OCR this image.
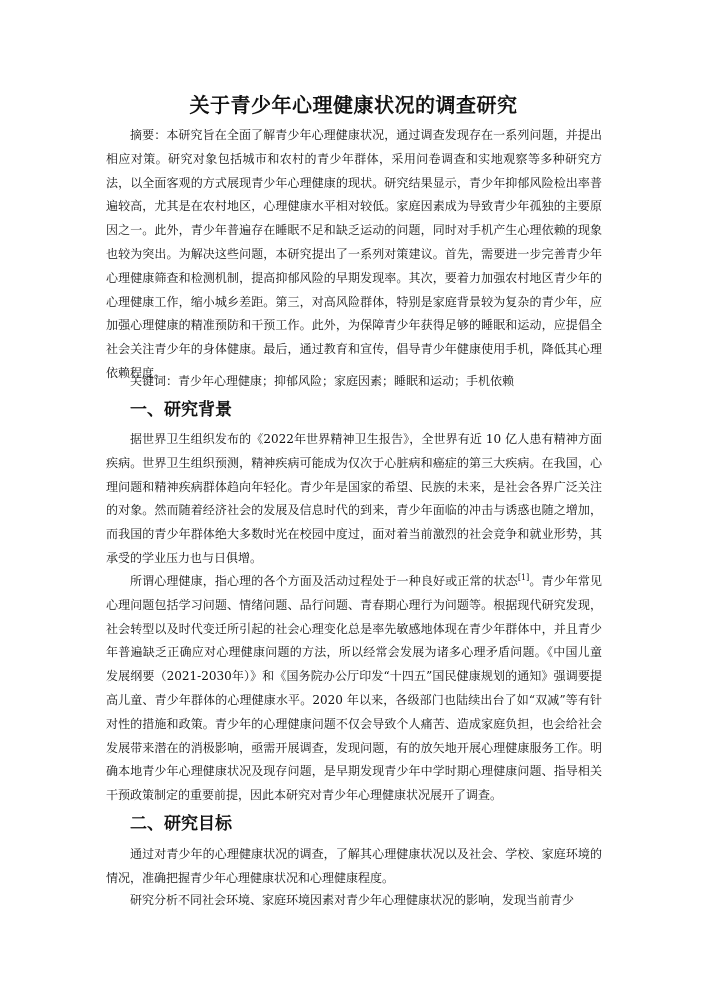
关于青少年心理健康状况的调查研究

摘要：本研究旨在全面了解青少年心理健康状况，通过调查发现存在一系列问题，并提出相应对策。研究对象包括城市和农村的青少年群体，采用问卷调查和实地观察等多种研究方法，以全面客观的方式展现青少年心理健康的现状。研究结果显示，青少年抑郁风险检出率普遍较高，尤其是在农村地区，心理健康水平相对较低。家庭因素成为导致青少年孤独的主要原因之一。此外，青少年普遍存在睡眠不足和缺乏运动的问题，同时对手机产生心理依赖的现象也较为突出。为解决这些问题，本研究提出了一系列对策建议。首先，需要进一步完善青少年心理健康筛查和检测机制，提高抑郁风险的早期发现率。其次，要着力加强农村地区青少年的心理健康工作，缩小城乡差距。第三，对高风险群体，特别是家庭背景较为复杂的青少年，应加强心理健康的精准预防和干预工作。此外，为保障青少年获得足够的睡眠和运动，应提倡全社会关注青少年的身体健康。最后，通过教育和宣传，倡导青少年健康使用手机，降低其心理依赖程度。

关键词：青少年心理健康；抑郁风险；家庭因素；睡眠和运动；手机依赖

一、研究背景

据世界卫生组织发布的《2022年世界精神卫生报告》，全世界有近 10 亿人患有精神方面疾病。世界卫生组织预测，精神疾病可能成为仅次于心脏病和癌症的第三大疾病。在我国，心理问题和精神疾病群体趋向年轻化。青少年是国家的希望、民族的未来，是社会各界广泛关注的对象。然而随着经济社会的发展及信息时代的到来，青少年面临的冲击与诱惑也随之增加，而我国的青少年群体绝大多数时光在校园中度过，面对着当前激烈的社会竞争和就业形势，其承受的学业压力也与日俱增。

所谓心理健康，指心理的各个方面及活动过程处于一种良好或正常的状态[1]。青少年常见心理问题包括学习问题、情绪问题、品行问题、青春期心理行为问题等。根据现代研究发现，社会转型以及时代变迁所引起的社会心理变化总是率先敏感地体现在青少年群体中，并且青少年普遍缺乏正确应对心理健康问题的方法，所以经常会发展为诸多心理矛盾问题。《中国儿童发展纲要（2021-2030年）》和《国务院办公厅印发“十四五”国民健康规划的通知》强调要提高儿童、青少年群体的心理健康水平。2020 年以来，各级部门也陆续出台了如“双减”等有针对性的措施和政策。青少年的心理健康问题不仅会导致个人痛苦、造成家庭负担，也会给社会发展带来潜在的消极影响，亟需开展调查，发现问题，有的放矢地开展心理健康服务工作。明确本地青少年心理健康状况及现存问题，是早期发现青少年中学时期心理健康问题、指导相关干预政策制定的重要前提，因此本研究对青少年心理健康状况展开了调查。

二、研究目标

通过对青少年的心理健康状况的调查，了解其心理健康状况以及社会、学校、家庭环境的情况，准确把握青少年心理健康状况和心理健康程度。

研究分析不同社会环境、家庭环境因素对青少年心理健康状况的影响，发现当前青少
